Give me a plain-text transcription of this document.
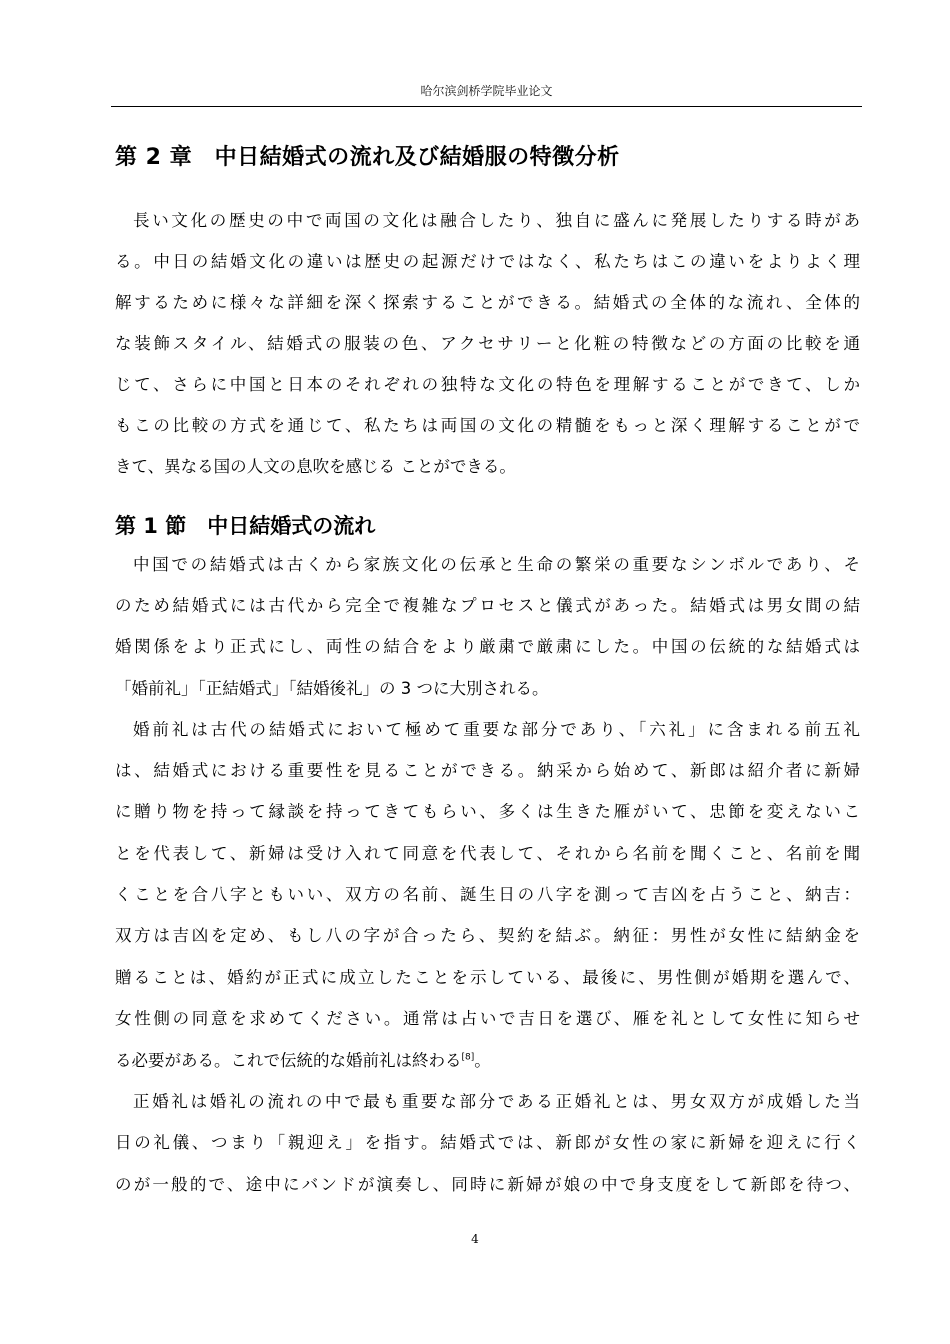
哈尔滨剑桥学院毕业论文
第 2 章　中日結婚式の流れ及び結婚服の特徴分析

長い文化の歴史の中で両国の文化は融合したり、独自に盛んに発展したりする時があ

る。中日の結婚文化の違いは歴史の起源だけではなく、私たちはこの違いをよりよく理

解するために様々な詳細を深く探索することができる。結婚式の全体的な流れ、全体的

な装飾スタイル、結婚式の服装の色、アクセサリーと化粧の特徴などの方面の比較を通

じて、さらに中国と日本のそれぞれの独特な文化の特色を理解することができて、しか

もこの比較の方式を通じて、私たちは両国の文化の精髄をもっと深く理解することがで

きて、異なる国の人文の息吹を感じる ことができる。

第 1 節　中日結婚式の流れ

中国での結婚式は古くから家族文化の伝承と生命の繁栄の重要なシンボルであり、そ

のため結婚式には古代から完全で複雑なプロセスと儀式があった。結婚式は男女間の結

婚関係をより正式にし、両性の結合をより厳粛で厳粛にした。中国の伝統的な結婚式は

「婚前礼」「正結婚式」「結婚後礼」の 3 つに大別される。

婚前礼は古代の結婚式において極めて重要な部分であり、「六礼」に含まれる前五礼

は、結婚式における重要性を見ることができる。納采から始めて、新郎は紹介者に新婦

に贈り物を持って縁談を持ってきてもらい、多くは生きた雁がいて、忠節を変えないこ

とを代表して、新婦は受け入れて同意を代表して、それから名前を聞くこと、名前を聞

くことを合八字ともいい、双方の名前、誕生日の八字を測って吉凶を占うこと、納吉：

双方は吉凶を定め、もし八の字が合ったら、契約を結ぶ。納征：男性が女性に結納金を

贈ることは、婚約が正式に成立したことを示している、最後に、男性側が婚期を選んで、

女性側の同意を求めてください。通常は占いで吉日を選び、雁を礼として女性に知らせ

る必要がある。これで伝統的な婚前礼は終わる[8]。

正婚礼は婚礼の流れの中で最も重要な部分である正婚礼とは、男女双方が成婚した当

日の礼儀、つまり「親迎え」を指す。結婚式では、新郎が女性の家に新婦を迎えに行く

のが一般的で、途中にバンドが演奏し、同時に新婦が娘の中で身支度をして新郎を待つ、

4
